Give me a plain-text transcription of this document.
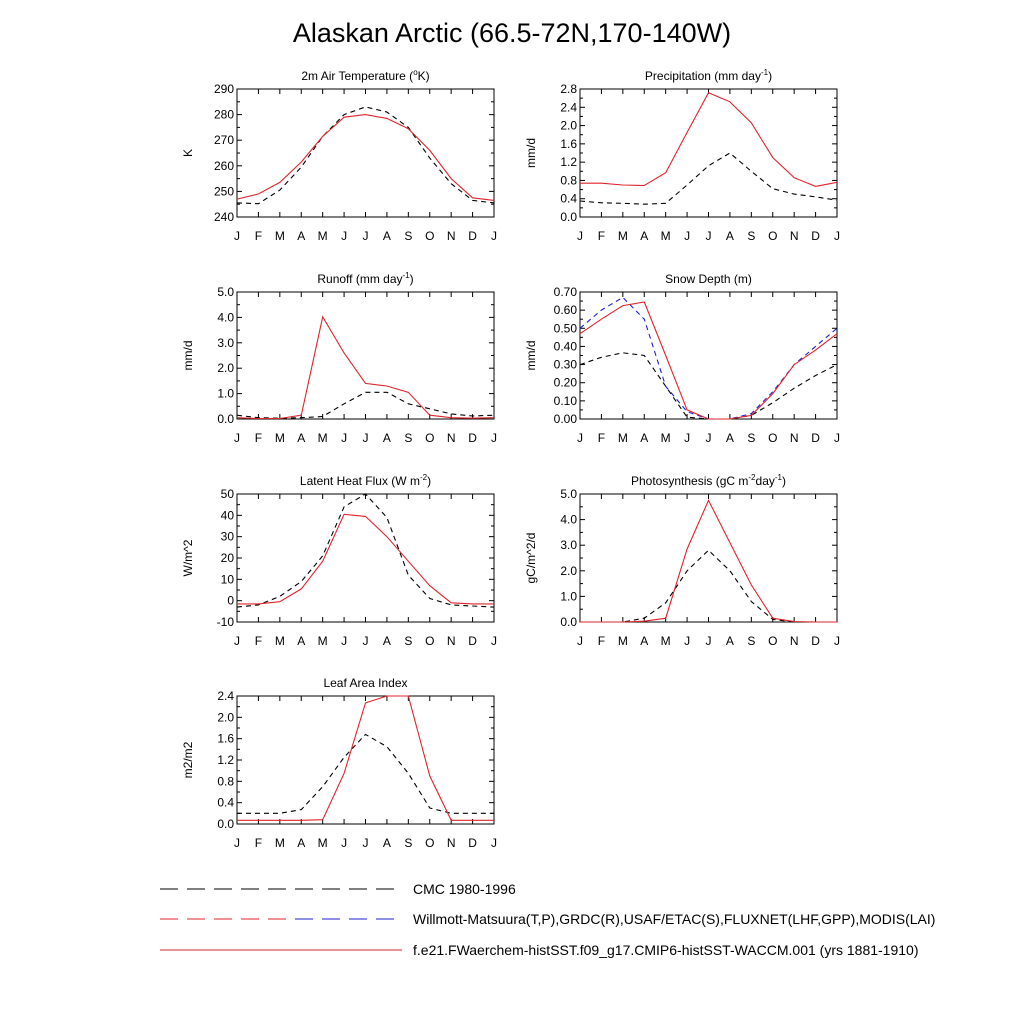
Alaskan Arctic (66.5-72N,170-140W)
2m Air Temperature ($^o$K)
K
240
250
260
270
280
290
J F M A M J J A S O N D J
Precipitation (mm day$^{-1}$)
mm/d
0.0
0.4
0.8
1.2
1.6
2.0
2.4
2.8
J F M A M J J A S O N D J
Runoff (mm day$^{-1}$)
mm/d
0.0
1.0
2.0
3.0
4.0
5.0
J F M A M J J A S O N D J
Snow Depth (m)
mm/d
0.00
0.10
0.20
0.30
0.40
0.50
0.60
0.70
J F M A M J J A S O N D J
Latent Heat Flux (W $m^{-2}$)
W/m^2
-10
0
10
20
30
40
50
J F M A M J J A S O N D J
Photosynthesis (gC $m^{-2}day^{-1}$)
gC/m^2/d
0.0
1.0
2.0
3.0
4.0
5.0
J F M A M J J A S O N D J
Leaf Area Index
m2/m2
0.0
0.4
0.8
1.2
1.6
2.0
2.4
J F M A M J J A S O N D J
CMC 1980-1996
Willmott-Matsuura(T,P),GRDC(R),USAF/ETAC(S),FLUXNET(LHF,GPP),MODIS(LAI)
f.e21.FWaerchem-histSST.f09_g17.CMIP6-histSST-WACCM.001 (yrs 1881-1910)
